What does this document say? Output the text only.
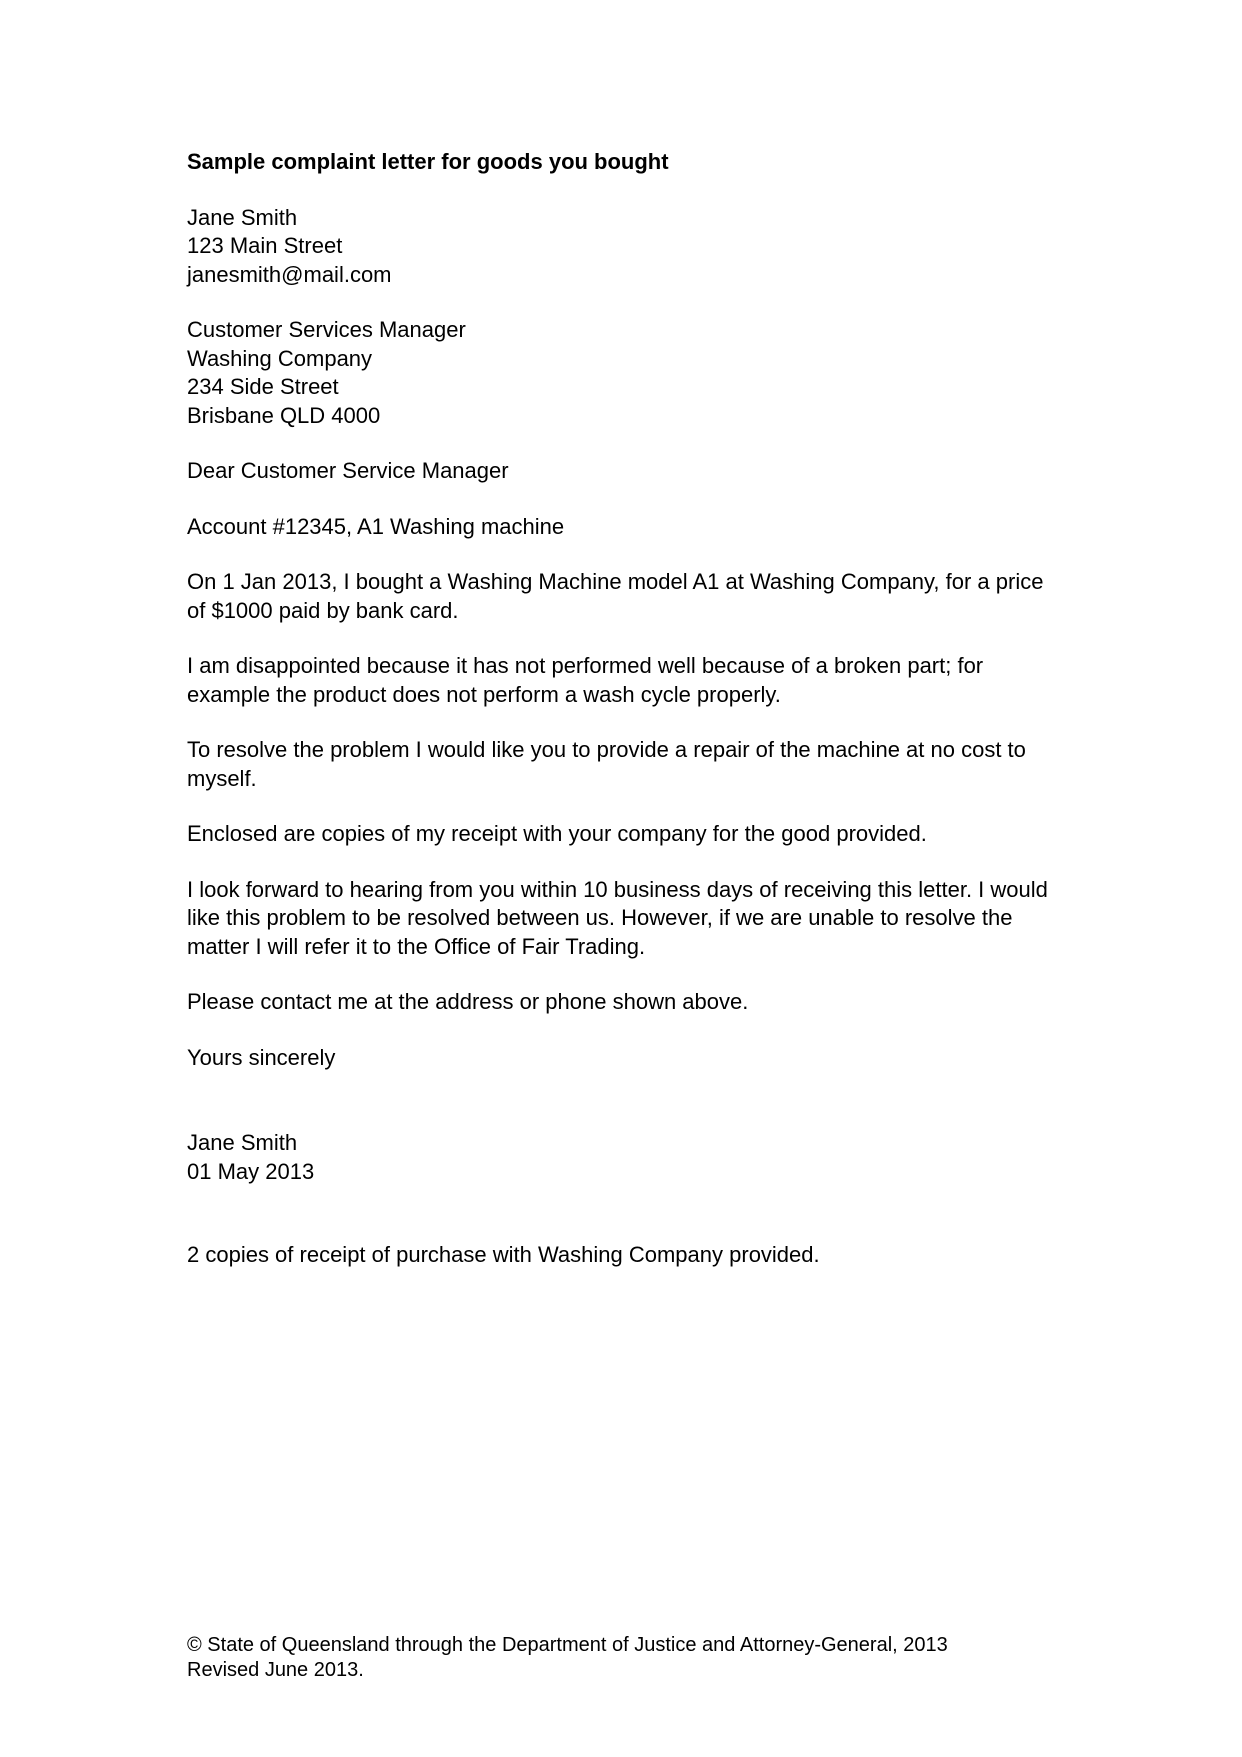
Sample complaint letter for goods you bought
Jane Smith
123 Main Street
janesmith@mail.com
Customer Services Manager
Washing Company
234 Side Street
Brisbane QLD 4000

Dear Customer Service Manager

Account #12345, A1 Washing machine

On 1 Jan 2013, I bought a Washing Machine model A1 at Washing Company, for a price of $1000 paid by bank card.

I am disappointed because it has not performed well because of a broken part; for example the product does not perform a wash cycle properly.

To resolve the problem I would like you to provide a repair of the machine at no cost to myself.

Enclosed are copies of my receipt with your company for the good provided.

I look forward to hearing from you within 10 business days of receiving this letter. I would like this problem to be resolved between us. However, if we are unable to resolve the matter I will refer it to the Office of Fair Trading.

Please contact me at the address or phone shown above.

Yours sincerely

Jane Smith
01 May 2013

2 copies of receipt of purchase with Washing Company provided.

© State of Queensland through the Department of Justice and Attorney-General, 2013
Revised June 2013.
